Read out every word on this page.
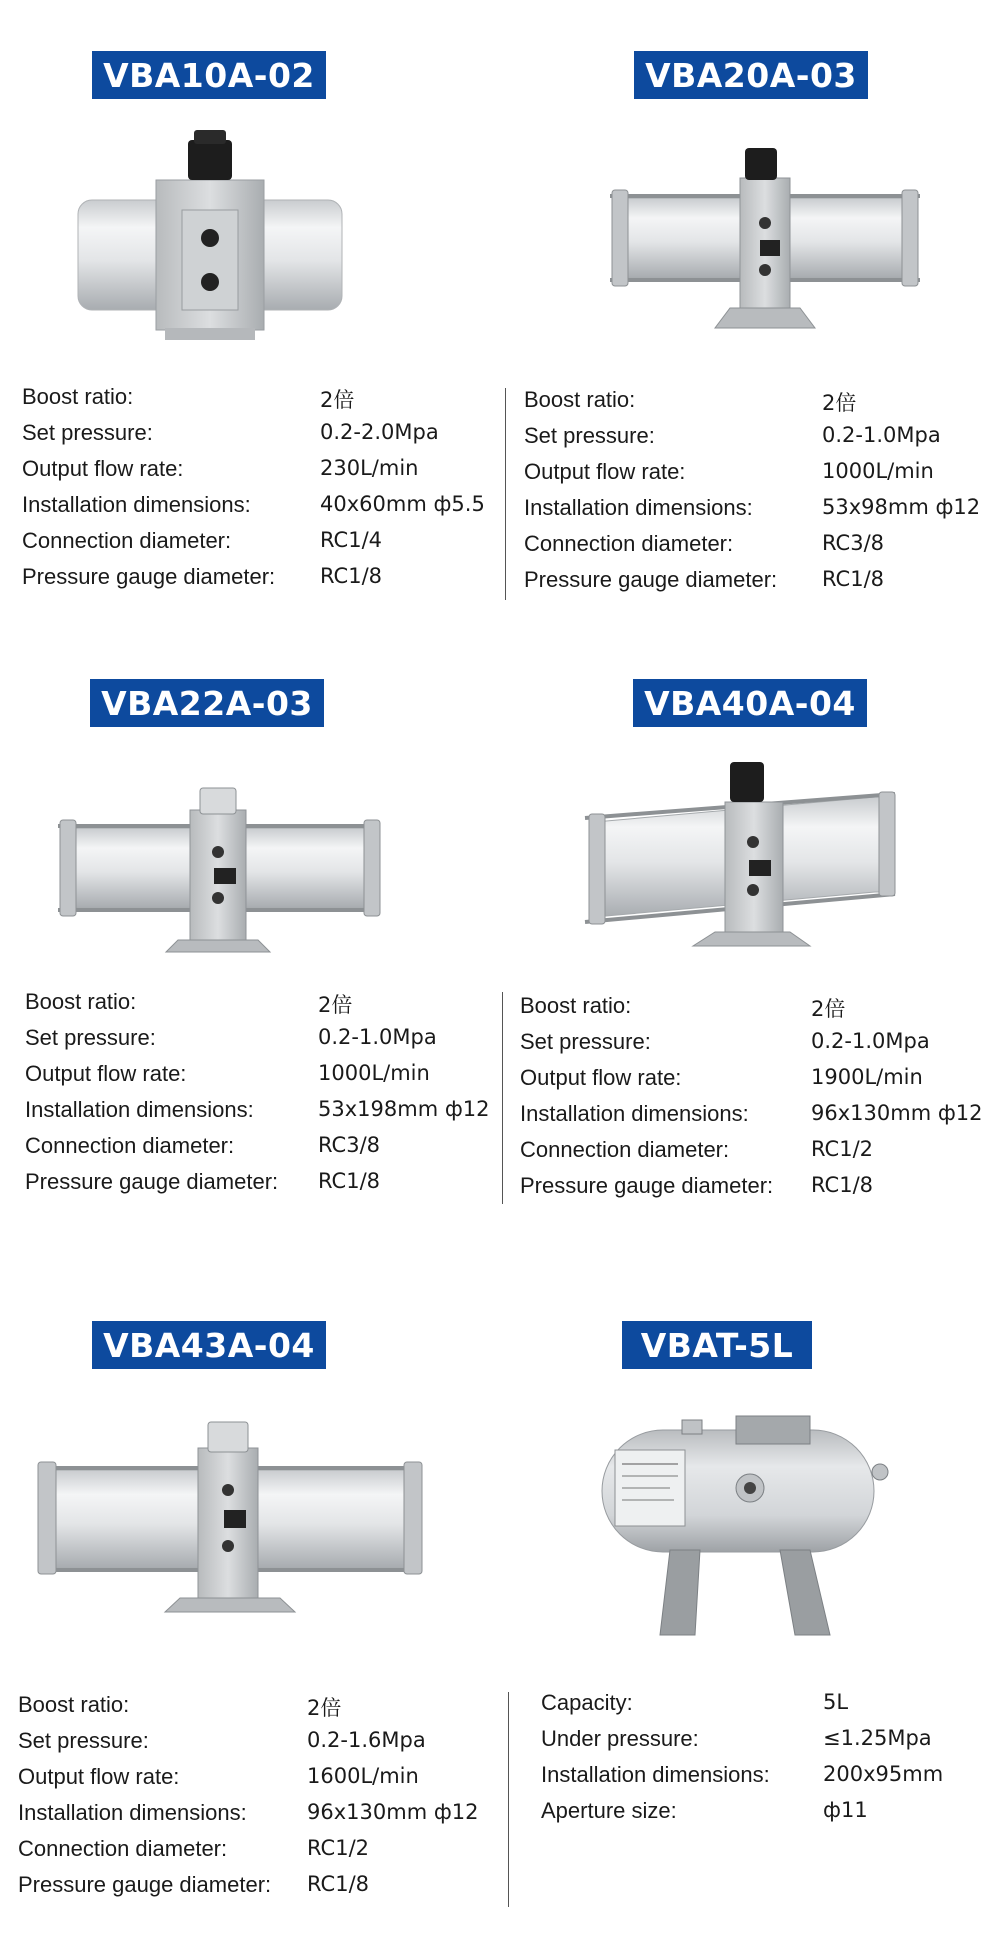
VBA10A-02
Boost ratio:	2倍
Set pressure:	0.2-2.0Mpa
Output flow rate:	230L/min
Installation dimensions:	40x60mm ф5.5
Connection diameter:	RC1/4
Pressure gauge diameter: RC1/8
VBA20A-03
Boost ratio:	2倍
Set pressure:	0.2-1.0Mpa
Output flow rate:	1000L/min
Installation dimensions:	53x98mm ф12
Connection diameter:	RC3/8
Pressure gauge diameter: RC1/8
VBA22A-03
Boost ratio:	2倍
Set pressure:	0.2-1.0Mpa
Output flow rate:	1000L/min
Installation dimensions:	53x198mm ф12
Connection diameter:	RC3/8
Pressure gauge diameter: RC1/8
VBA40A-04
Boost ratio:	2倍
Set pressure:	0.2-1.0Mpa
Output flow rate:	1900L/min
Installation dimensions:	96x130mm ф12
Connection diameter:	RC1/2
Pressure gauge diameter: RC1/8
VBA43A-04
Boost ratio:	2倍
Set pressure:	0.2-1.6Mpa
Output flow rate:	1600L/min
Installation dimensions:	96x130mm ф12
Connection diameter:	RC1/2
Pressure gauge diameter: RC1/8
VBAT-5L
Capacity:	5L
Under pressure:	≤1.25Mpa
Installation dimensions:	200x95mm
Aperture size:	ф11
